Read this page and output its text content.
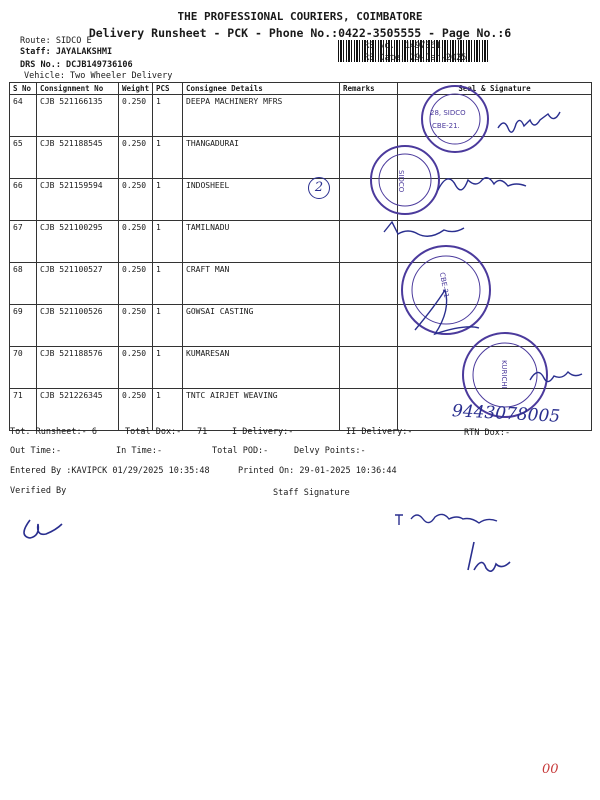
THE PROFESSIONAL COURIERS, COIMBATORE
Delivery Runsheet - PCK - Phone No.:0422-3505555 - Page No.:6
Route: SIDCO E
Staff: JAYALAKSHMI
DRS No.: DCJB149736106
Vehicle: Two Wheeler Delivery
RS No.: 1497361
RS Date: 29-Jan-2025
S No	Consignment No	Weight	PCS	Consignee Details	Remarks	Seal & Signature
64	CJB 521166135	0.250	1	DEEPA MACHINERY MFRS		
65	CJB 521188545	0.250	1	THANGADURAI		
66	CJB 521159594	0.250	1	INDOSHEEL		
67	CJB 521100295	0.250	1	TAMILNADU		
68	CJB 521100527	0.250	1	CRAFT MAN		
69	CJB 521100526	0.250	1	GOWSAI CASTING		
70	CJB 521188576	0.250	1	KUMARESAN		
71	CJB 521226345	0.250	1	TNTC AIRJET WEAVING		
Tot. Runsheet:- 6	Total Dox:- 71	I Delivery:-	II Delivery:-	RTN Dox:-
Out Time:-	In Time:-	Total POD:-	Delvy Points:-
Entered By :KAVIPCK 01/29/2025 10:35:48	Printed On: 29-01-2025 10:36:44
Verified By	Staff Signature
2
28, SIDCO
CBE-21.
SIDCO
CBE-21
KURICHI
9443078005
00
